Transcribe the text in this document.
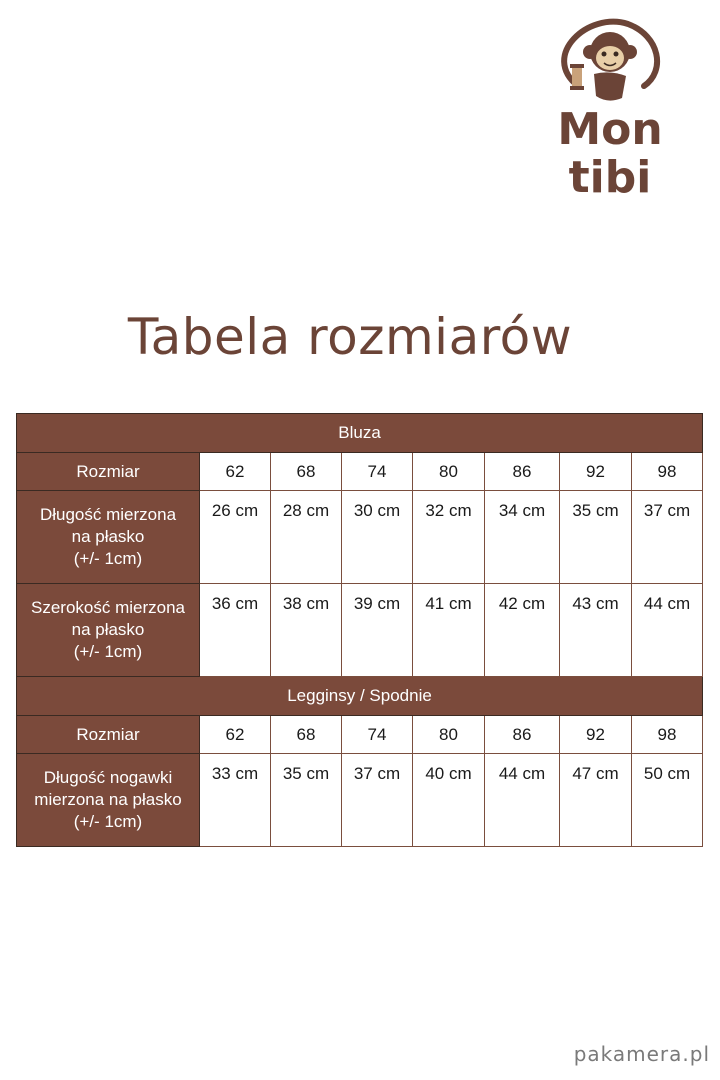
Mon
tibi
Tabela rozmiarów
Bluza							
Rozmiar	62	68	74	80	86	92	98

Długość mierzona
na płasko
(+/- 1cm)	26 cm	28 cm	30 cm	32 cm	34 cm	35 cm	37 cm

Szerokość mierzona
na płasko
(+/- 1cm)	36 cm	38 cm	39 cm	41 cm	42 cm	43 cm	44 cm
Legginsy / Spodnie							
Rozmiar	62	68	74	80	86	92	98

Długość nogawki
mierzona na płasko
(+/- 1cm)	33 cm	35 cm	37 cm	40 cm	44 cm	47 cm	50 cm
pakamera.pl
